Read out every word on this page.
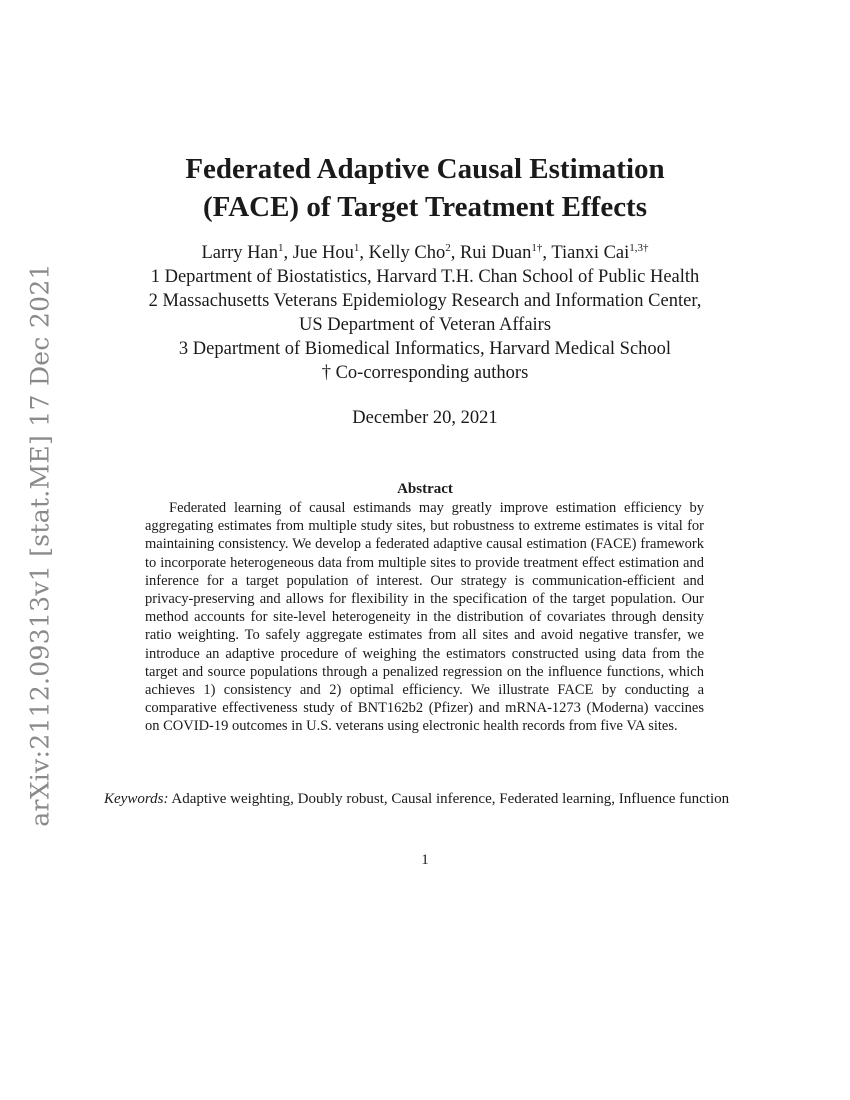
arXiv:2112.09313v1 [stat.ME] 17 Dec 2021
Federated Adaptive Causal Estimation
(FACE) of Target Treatment Effects
Larry Han$^1$, Jue Hou$^1$, Kelly Cho$^2$, Rui Duan$^{1\dagger}$, Tianxi Cai$^{1,3\dagger}$
1 Department of Biostatistics, Harvard T.H. Chan School of Public Health
2 Massachusetts Veterans Epidemiology Research and Information Center,
US Department of Veteran Affairs
3 Department of Biomedical Informatics, Harvard Medical School
† Co-corresponding authors
December 20, 2021
Abstract
Federated learning of causal estimands may greatly improve estimation efficiency by aggregating estimates from multiple study sites, but robustness to extreme estimates is vital for maintaining consistency. We develop a federated adaptive causal estimation (FACE) framework to incorporate heterogeneous data from multiple sites to provide treatment effect estimation and inference for a target population of interest. Our strategy is communication-efficient and privacy-preserving and allows for flexibility in the specification of the target population. Our method accounts for site-level heterogeneity in the distribution of covariates through density ratio weighting. To safely aggregate estimates from all sites and avoid negative transfer, we introduce an adaptive procedure of weighing the estimators constructed using data from the target and source populations through a penalized regression on the influence functions, which achieves 1) consistency and 2) optimal efficiency. We illustrate FACE by conducting a comparative effectiveness study of BNT162b2 (Pfizer) and mRNA-1273 (Moderna) vaccines on COVID-19 outcomes in U.S. veterans using electronic health records from five VA sites.
Keywords: Adaptive weighting, Doubly robust, Causal inference, Federated learning, Influence function
1
